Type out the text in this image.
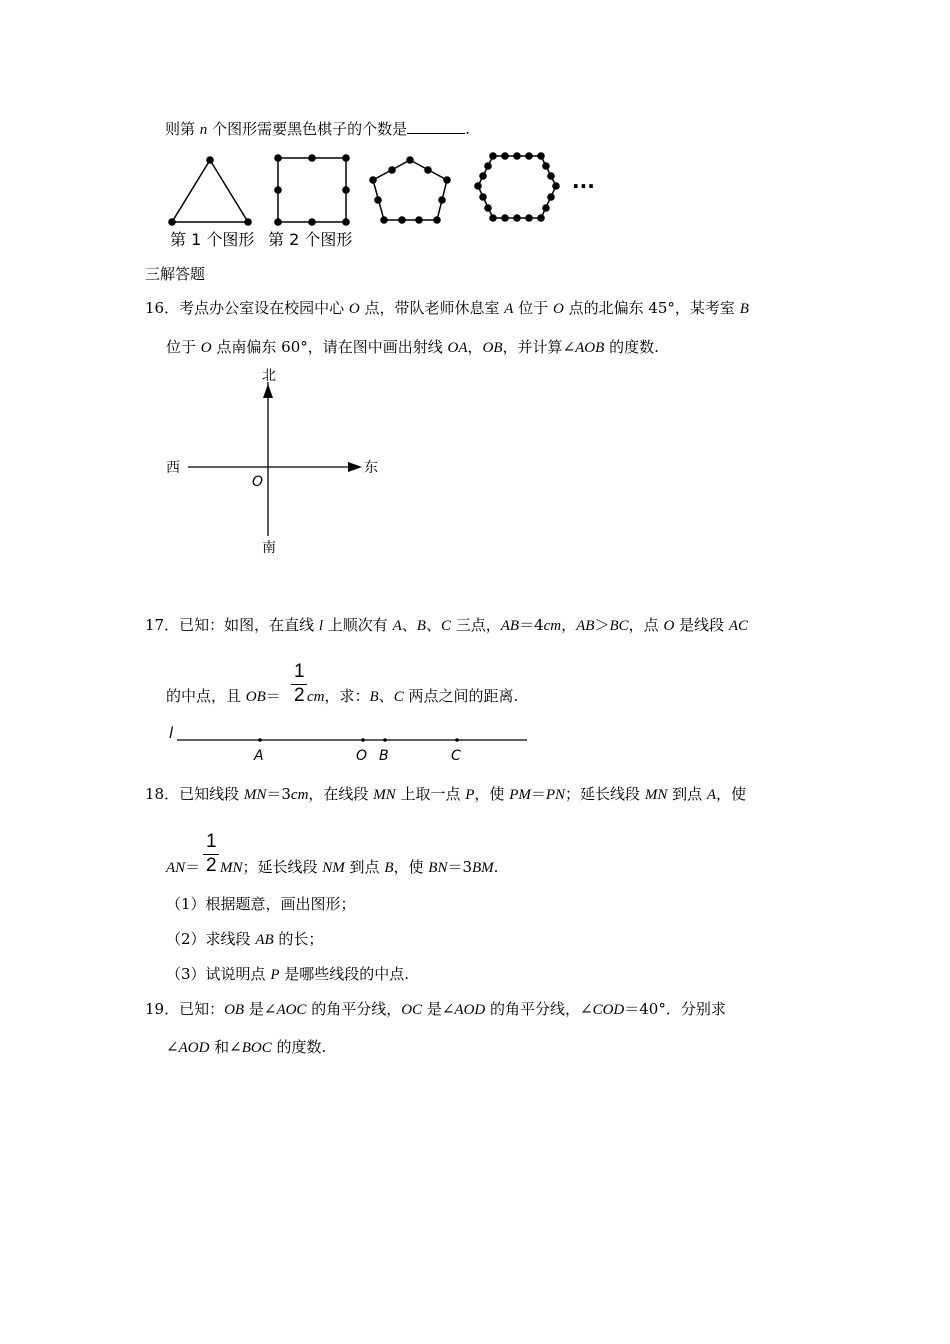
则第 n 个图形需要黑色棋子的个数是	.
···
第 1 个图形 第 2 个图形
三解答题
16．考点办公室设在校园中心 O 点，带队老师休息室 A 位于 O 点的北偏东 45°，某考室 B
位于 O 点南偏东 60°，请在图中画出射线 OA，OB，并计算∠AOB 的度数.
北
南
东
西
O
17．已知：如图，在直线 l 上顺次有 A、B、C 三点，AB＝4cm，AB＞BC，点 O 是线段 AC
1
2
的中点，且 OB＝ cm，求：B、C 两点之间的距离.
l
A	O B	C
18．已知线段 MN＝3cm，在线段 MN 上取一点 P，使 PM＝PN；延长线段 MN 到点 A，使
1
2
AN＝ MN；延长线段 NM 到点 B，使 BN＝3BM.
（1）根据题意，画出图形；
（2）求线段 AB 的长；
（3）试说明点 P 是哪些线段的中点.
19．已知：OB 是∠AOC 的角平分线，OC 是∠AOD 的角平分线，∠COD＝40°．分别求
∠AOD 和∠BOC 的度数.
